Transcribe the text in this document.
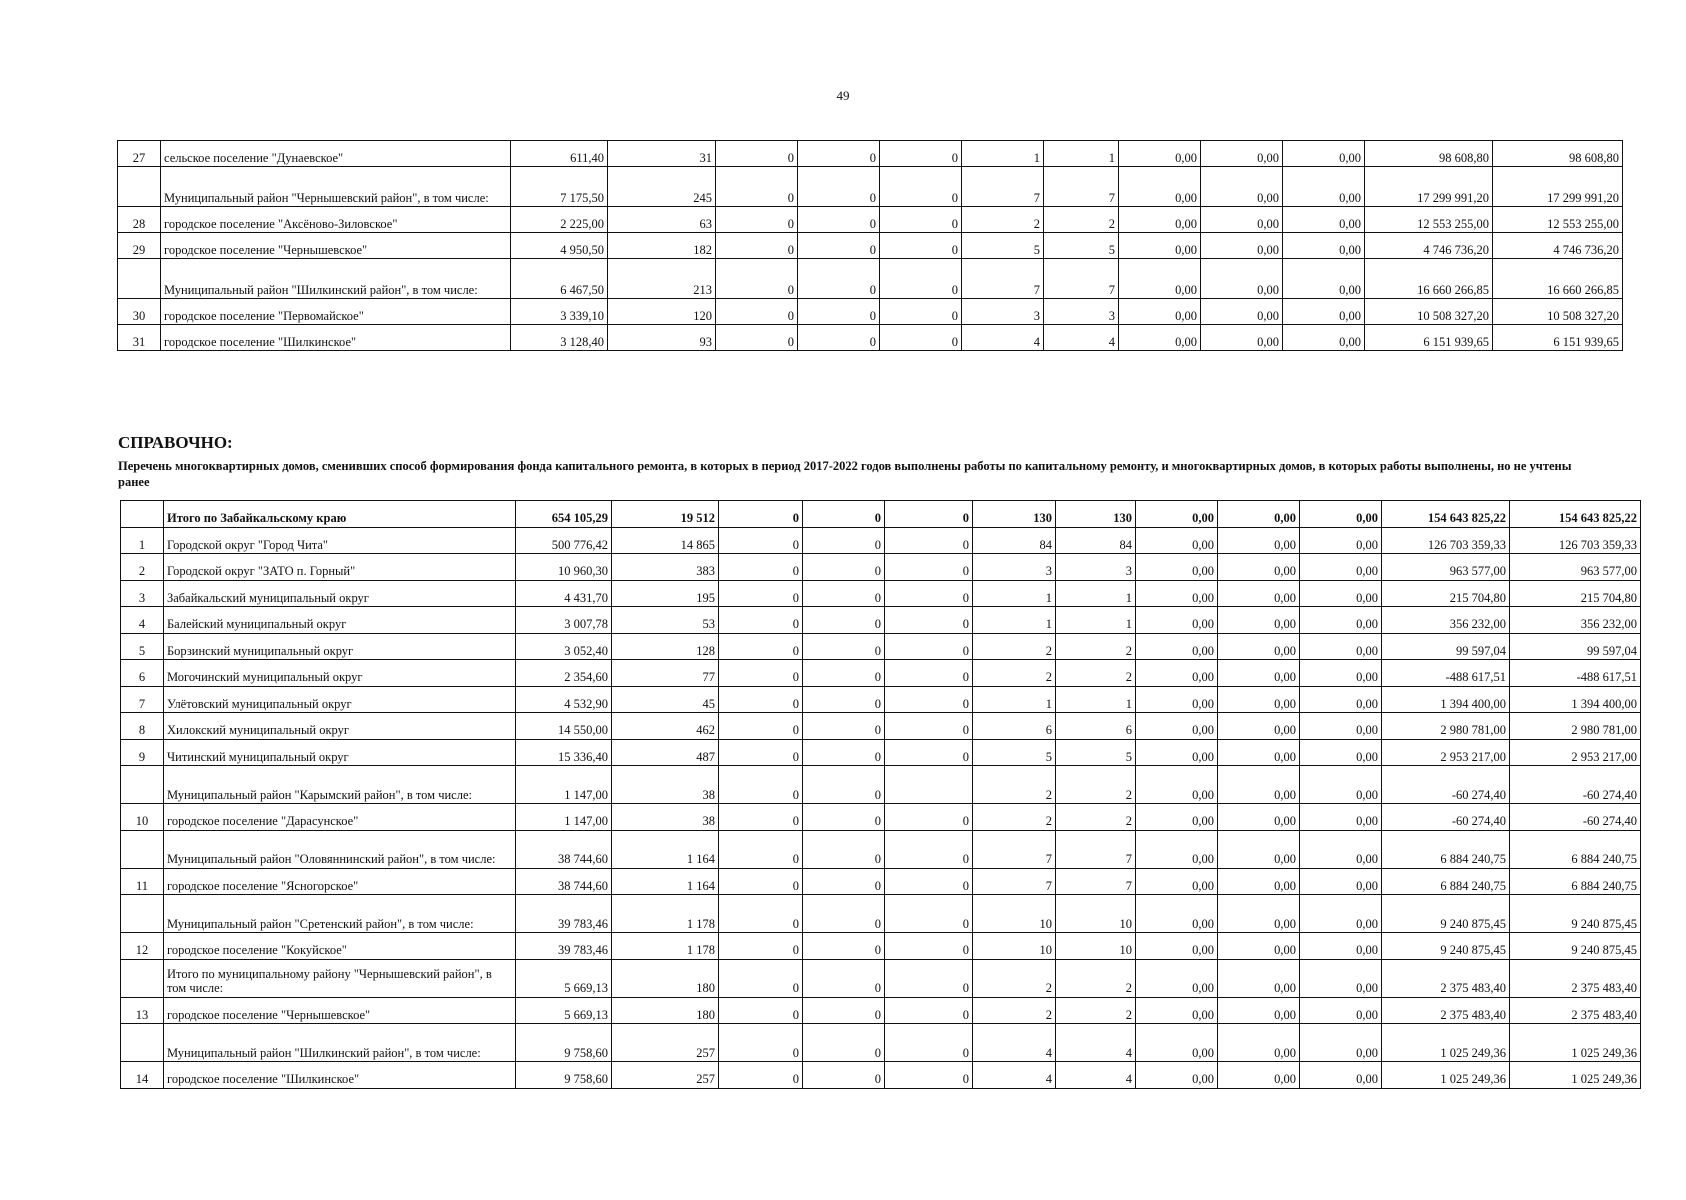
49
27	сельское поселение "Дунаевское"	611,40	31	0	0	0	1	1	0,00	0,00	0,00	98 608,80	98 608,80
	Муниципальный район "Чернышевский район", в том числе:	7 175,50	245	0	0	0	7	7	0,00	0,00	0,00	17 299 991,20	17 299 991,20
28	городское поселение "Аксёново-Зиловское"	2 225,00	63	0	0	0	2	2	0,00	0,00	0,00	12 553 255,00	12 553 255,00
29	городское поселение "Чернышевское"	4 950,50	182	0	0	0	5	5	0,00	0,00	0,00	4 746 736,20	4 746 736,20
	Муниципальный район "Шилкинский район", в том числе:	6 467,50	213	0	0	0	7	7	0,00	0,00	0,00	16 660 266,85	16 660 266,85
30	городское поселение "Первомайское"	3 339,10	120	0	0	0	3	3	0,00	0,00	0,00	10 508 327,20	10 508 327,20
31	городское поселение "Шилкинское"	3 128,40	93	0	0	0	4	4	0,00	0,00	0,00	6 151 939,65	6 151 939,65
СПРАВОЧНО:

Перечень многоквартирных домов, сменивших способ формирования фонда капитального ремонта, в которых в период 2017-2022 годов выполнены работы по капитальному ремонту, и многоквартирных домов, в которых работы выполнены, но не учтены ранее

	Итого по Забайкальскому краю	654 105,29	19 512	0	0	0	130	130	0,00	0,00	0,00	154 643 825,22	154 643 825,22
1	Городской округ "Город Чита"	500 776,42	14 865	0	0	0	84	84	0,00	0,00	0,00	126 703 359,33	126 703 359,33
2	Городской округ "ЗАТО п. Горный"	10 960,30	383	0	0	0	3	3	0,00	0,00	0,00	963 577,00	963 577,00
3	Забайкальский муниципальный округ	4 431,70	195	0	0	0	1	1	0,00	0,00	0,00	215 704,80	215 704,80
4	Балейский муниципальный округ	3 007,78	53	0	0	0	1	1	0,00	0,00	0,00	356 232,00	356 232,00
5	Борзинский муниципальный округ	3 052,40	128	0	0	0	2	2	0,00	0,00	0,00	99 597,04	99 597,04
6	Могочинский муниципальный округ	2 354,60	77	0	0	0	2	2	0,00	0,00	0,00	-488 617,51	-488 617,51
7	Улётовский муниципальный округ	4 532,90	45	0	0	0	1	1	0,00	0,00	0,00	1 394 400,00	1 394 400,00
8	Хилокский муниципальный округ	14 550,00	462	0	0	0	6	6	0,00	0,00	0,00	2 980 781,00	2 980 781,00
9	Читинский муниципальный округ	15 336,40	487	0	0	0	5	5	0,00	0,00	0,00	2 953 217,00	2 953 217,00
	Муниципальный район "Карымский район", в том числе:	1 147,00	38	0	0		2	2	0,00	0,00	0,00	-60 274,40	-60 274,40
10	городское поселение "Дарасунское"	1 147,00	38	0	0	0	2	2	0,00	0,00	0,00	-60 274,40	-60 274,40
	Муниципальный район "Оловяннинский район", в том числе:	38 744,60	1 164	0	0	0	7	7	0,00	0,00	0,00	6 884 240,75	6 884 240,75
11	городское поселение "Ясногорское"	38 744,60	1 164	0	0	0	7	7	0,00	0,00	0,00	6 884 240,75	6 884 240,75
	Муниципальный район "Сретенский район", в том числе:	39 783,46	1 178	0	0	0	10	10	0,00	0,00	0,00	9 240 875,45	9 240 875,45
12	городское поселение "Кокуйское"	39 783,46	1 178	0	0	0	10	10	0,00	0,00	0,00	9 240 875,45	9 240 875,45
	Итого по муниципальному району "Чернышевский район", в том числе:	5 669,13	180	0	0	0	2	2	0,00	0,00	0,00	2 375 483,40	2 375 483,40
13	городское поселение "Чернышевское"	5 669,13	180	0	0	0	2	2	0,00	0,00	0,00	2 375 483,40	2 375 483,40
	Муниципальный район "Шилкинский район", в том числе:	9 758,60	257	0	0	0	4	4	0,00	0,00	0,00	1 025 249,36	1 025 249,36
14	городское поселение "Шилкинское"	9 758,60	257	0	0	0	4	4	0,00	0,00	0,00	1 025 249,36	1 025 249,36
